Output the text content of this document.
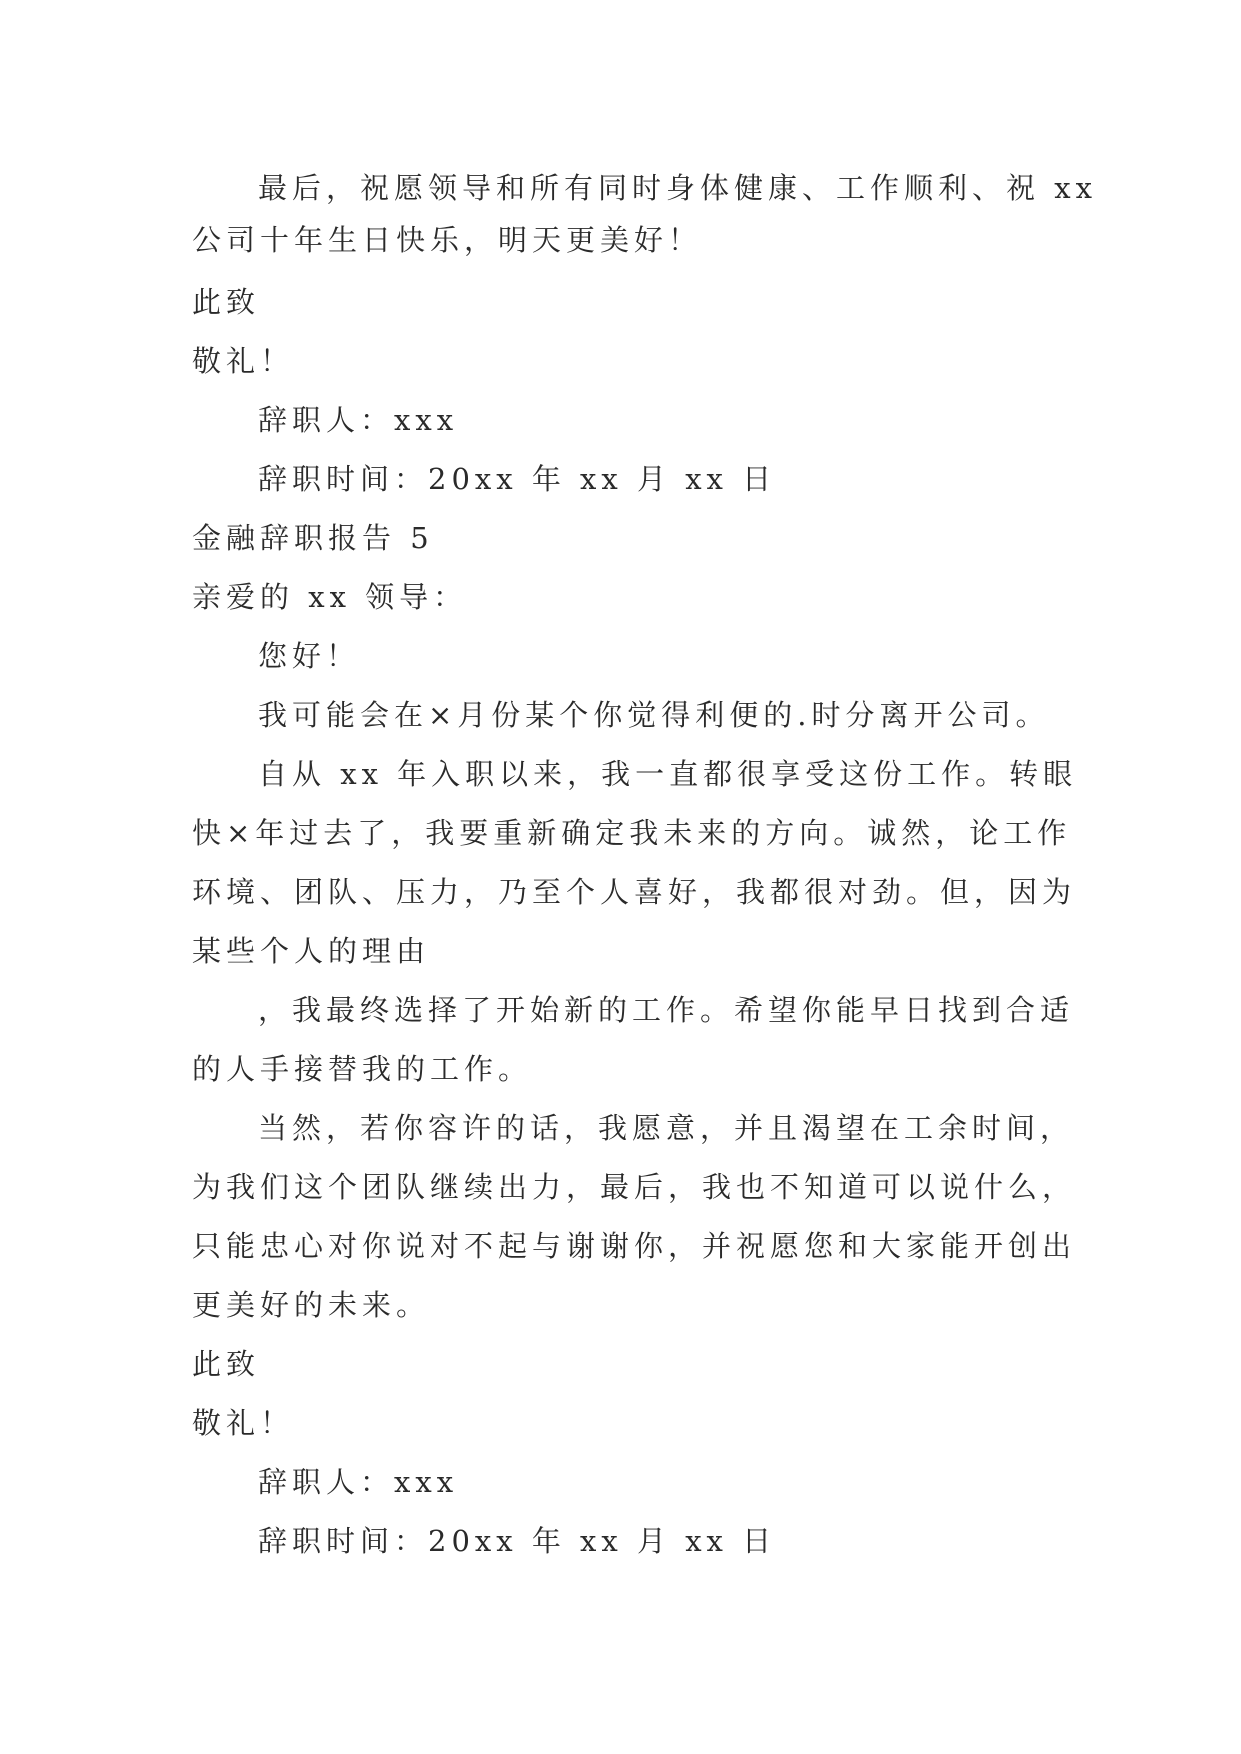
最后，祝愿领导和所有同时身体健康、工作顺利、祝 xx

公司十年生日快乐，明天更美好！

此致

敬礼！

辞职人：xxx

辞职时间：20xx 年 xx 月 xx 日

金融辞职报告 5

亲爱的 xx 领导：

您好！

我可能会在×月份某个你觉得利便的.时分离开公司。

自从 xx 年入职以来，我一直都很享受这份工作。转眼

快×年过去了，我要重新确定我未来的方向。诚然，论工作

环境、团队、压力，乃至个人喜好，我都很对劲。但，因为

某些个人的理由

，我最终选择了开始新的工作。希望你能早日找到合适

的人手接替我的工作。

当然，若你容许的话，我愿意，并且渴望在工余时间，

为我们这个团队继续出力，最后，我也不知道可以说什么，

只能忠心对你说对不起与谢谢你，并祝愿您和大家能开创出

更美好的未来。

此致

敬礼！

辞职人：xxx

辞职时间：20xx 年 xx 月 xx 日
